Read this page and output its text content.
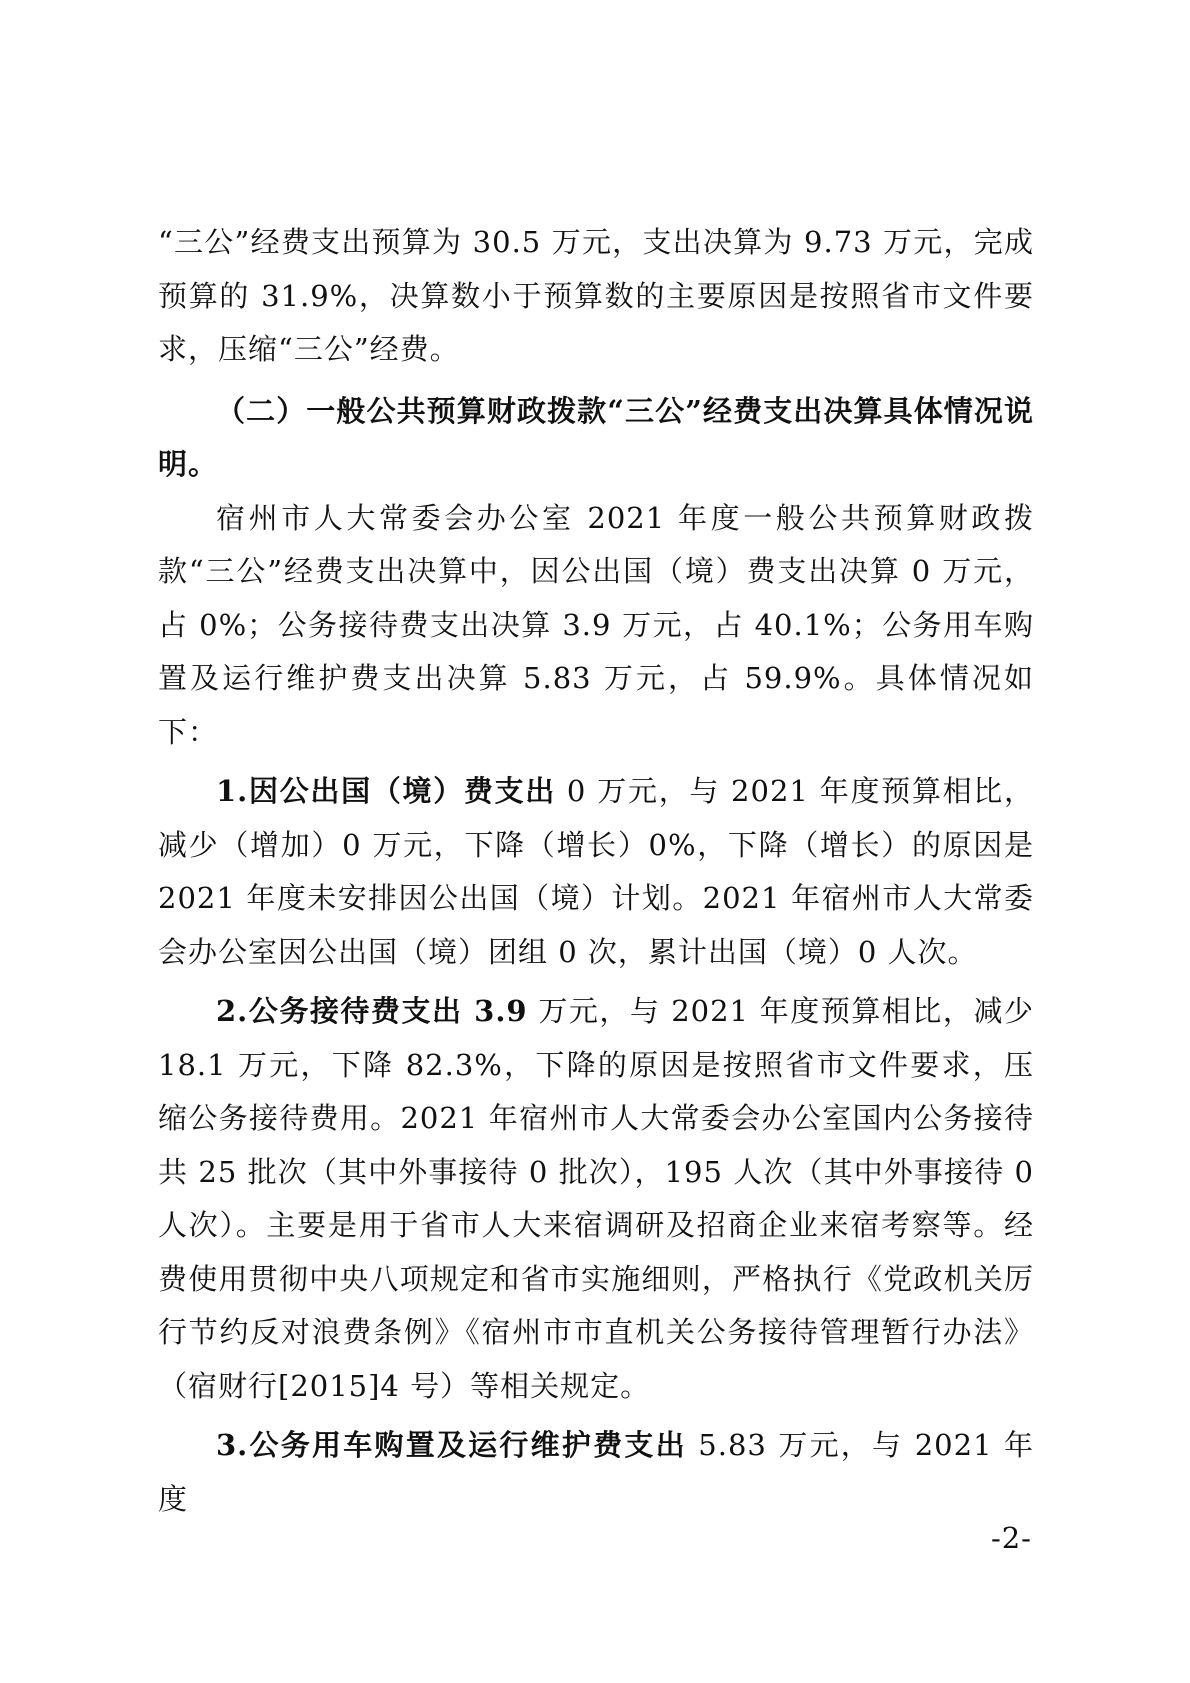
“三公”经费支出预算为 30.5 万元，支出决算为 9.73 万元，完成预算的 31.9%，决算数小于预算数的主要原因是按照省市文件要求，压缩“三公”经费。

（二）一般公共预算财政拨款“三公”经费支出决算具体情况说明。

宿州市人大常委会办公室 2021 年度一般公共预算财政拨款“三公”经费支出决算中，因公出国（境）费支出决算 0 万元，占 0%；公务接待费支出决算 3.9 万元，占 40.1%；公务用车购置及运行维护费支出决算 5.83 万元，占 59.9%。具体情况如下：

1.因公出国（境）费支出 0 万元，与 2021 年度预算相比，减少（增加）0 万元，下降（增长）0%，下降（增长）的原因是 2021 年度未安排因公出国（境）计划。2021 年宿州市人大常委会办公室因公出国（境）团组 0 次，累计出国（境）0 人次。

2.公务接待费支出 3.9 万元，与 2021 年度预算相比，减少 18.1 万元，下降 82.3%，下降的原因是按照省市文件要求，压缩公务接待费用。2021 年宿州市人大常委会办公室国内公务接待共 25 批次（其中外事接待 0 批次），195 人次（其中外事接待 0 人次）。主要是用于省市人大来宿调研及招商企业来宿考察等。经费使用贯彻中央八项规定和省市实施细则，严格执行《党政机关厉行节约反对浪费条例》《宿州市市直机关公务接待管理暂行办法》（宿财行[2015]4 号）等相关规定。

3.公务用车购置及运行维护费支出 5.83 万元，与 2021 年度

-2-
